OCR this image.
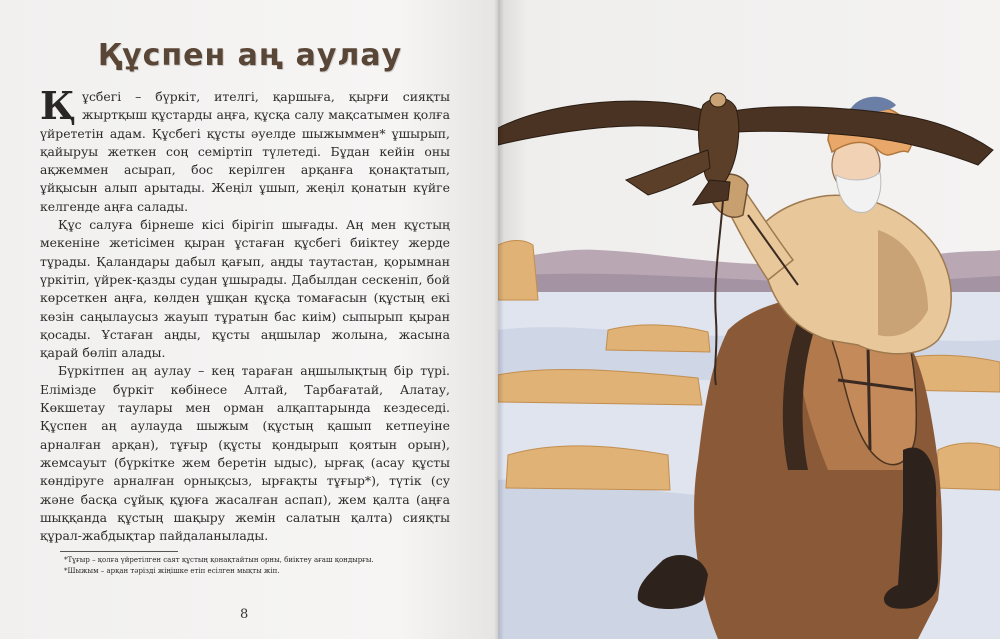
Құспен аң аулау

Құсбегі – бүркіт, ителгі, қаршыға, қырғи сияқты жыртқыш құстарды аңға, құсқа салу мақсатымен қолға үйрететін адам. Құсбегі құсты әуелде шыжыммен* ұшырып, қайыруы жеткен соң семіртіп түлетеді. Бұдан кейін оны ақжеммен асырап, бос керілген арқанға қонақтатып, ұйқысын алып арытады. Жеңіл ұшып, жеңіл қонатын күйге келгенде аңға салады.

Құс салуға бірнеше кісі бірігіп шығады. Аң мен құстың мекеніне жетісімен қыран ұстаған құсбегі биіктеу жерде тұрады. Қаландары дабыл қағып, аңды таутастан, қорымнан үркітіп, үйрек-қазды судан ұшырады. Дабылдан сескеніп, бой көрсеткен аңға, көлден ұшқан құсқа томағасын (құстың екі көзін саңылаусыз жауып тұратын бас киім) сыпырып қыран қосады. Ұстаған аңды, құсты аңшылар жолына, жасына қарай бөліп алады.

Бүркітпен аң аулау – кең тараған аңшылықтың бір түрі. Елімізде бүркіт көбінесе Алтай, Тарбағатай, Алатау, Көкшетау таулары мен орман алқаптарында кездеседі. Құспен аң аулауда шыжым (құстың қашып кетпеуіне арналған арқан), тұғыр (құсты қондырып қоятын орын), жемсауыт (бүркітке жем беретін ыдыс), ырғақ (асау құсты көндіруге арналған орнықсыз, ырғақты тұғыр*), түтік (су және басқа сұйық құюға жасалған аспап), жем қалта (аңға шыққанда құстың шақыру жемін салатын қалта) сияқты құрал-жабдықтар пайдаланылады.

*Тұғыр – қолға үйретілген саят құстың қонақтайтын орны, биіктеу ағаш қондырғы.
*Шыжым – арқан тәрізді жіңішке етіп есілген мықты жіп.
8
